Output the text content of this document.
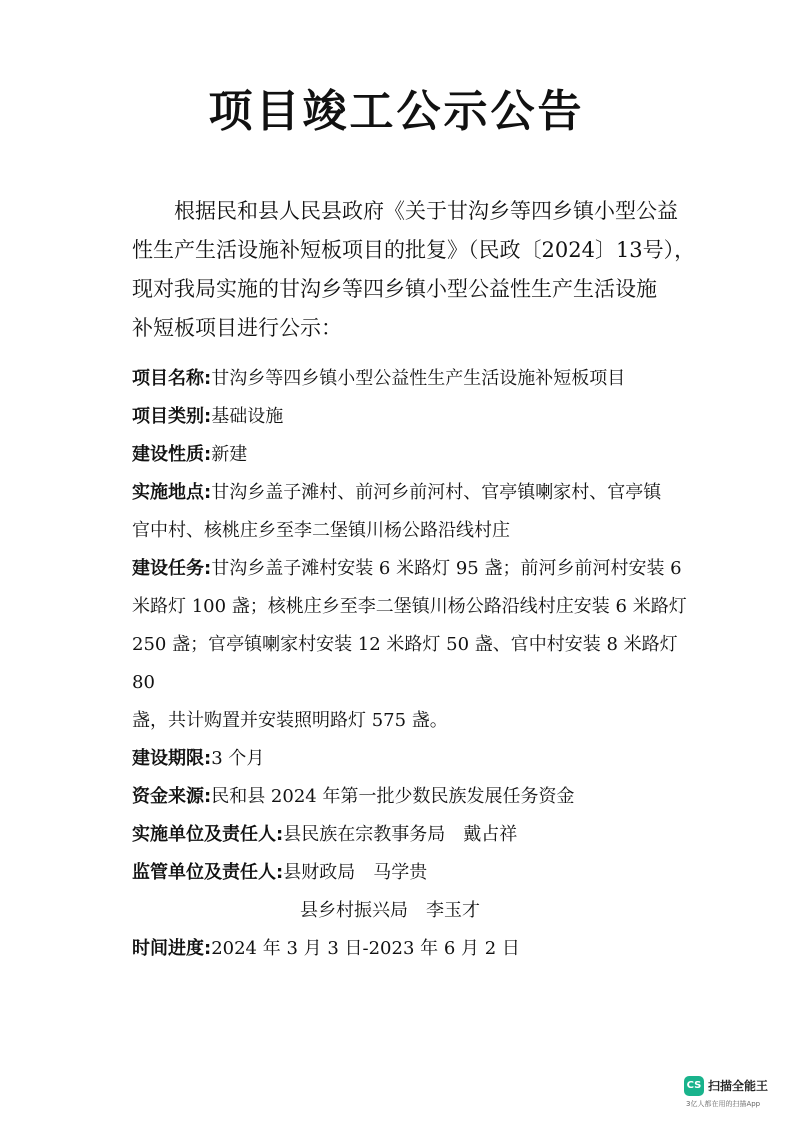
项目竣工公示公告
根据民和县人民县政府《关于甘沟乡等四乡镇小型公益
性生产生活设施补短板项目的批复》（民政〔2024〕13号），
现对我局实施的甘沟乡等四乡镇小型公益性生产生活设施
补短板项目进行公示：
项目名称:甘沟乡等四乡镇小型公益性生产生活设施补短板项目
项目类别:基础设施
建设性质:新建
实施地点:甘沟乡盖子滩村、前河乡前河村、官亭镇喇家村、官亭镇
官中村、核桃庄乡至李二堡镇川杨公路沿线村庄
建设任务:甘沟乡盖子滩村安装 6 米路灯 95 盏；前河乡前河村安装 6
米路灯 100 盏；核桃庄乡至李二堡镇川杨公路沿线村庄安装 6 米路灯
250 盏；官亭镇喇家村安装 12 米路灯 50 盏、官中村安装 8 米路灯 80
盏，共计购置并安装照明路灯 575 盏。
建设期限:3 个月
资金来源:民和县 2024 年第一批少数民族发展任务资金
实施单位及责任人:县民族在宗教事务局　戴占祥
监管单位及责任人:县财政局　马学贵
县乡村振兴局　李玉才
时间进度:2024 年 3 月 3 日-2023 年 6 月 2 日
CS 扫描全能王
3亿人都在用的扫描App
